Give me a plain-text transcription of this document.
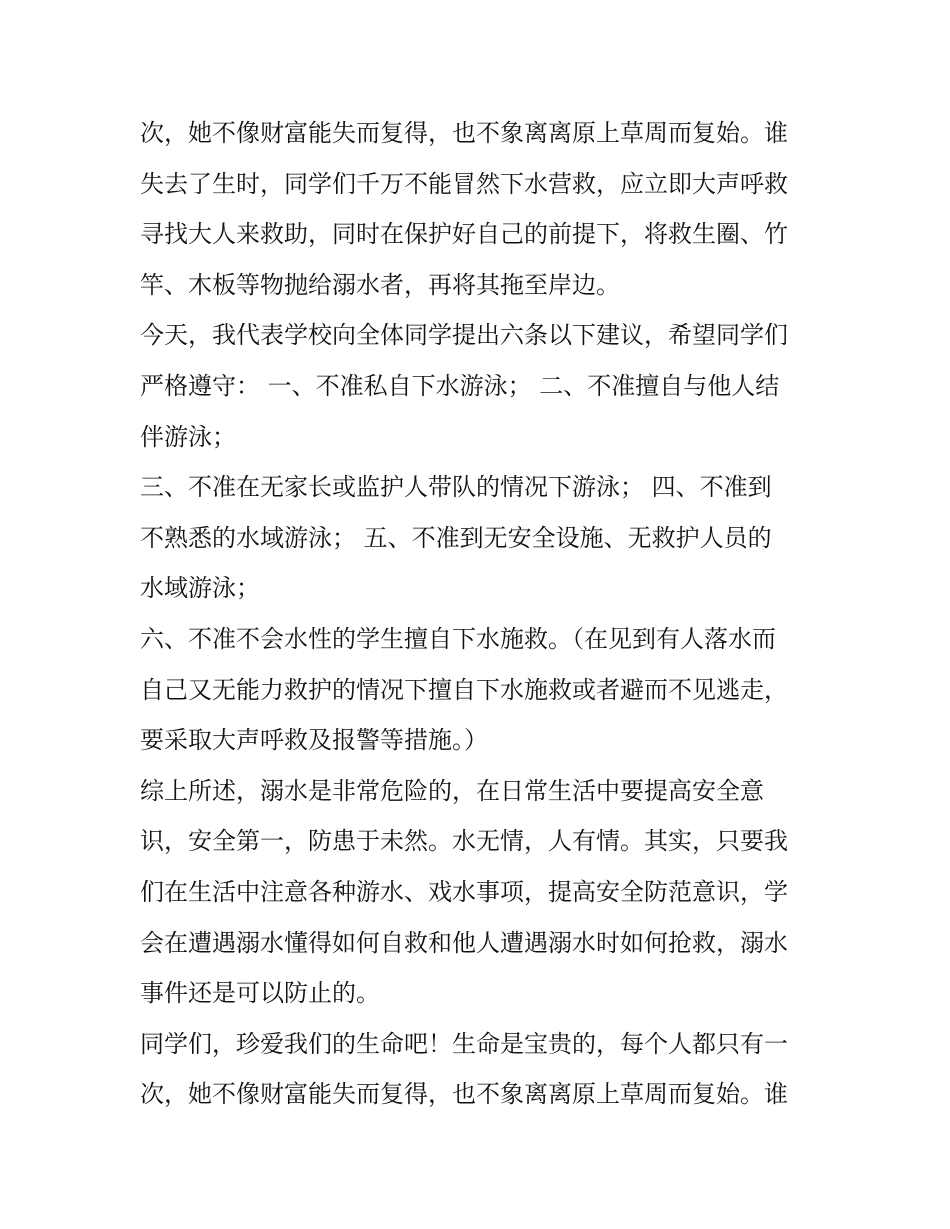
次，她不像财富能失而复得，也不象离离原上草周而复始。谁
失去了生时，同学们千万不能冒然下水营救，应立即大声呼救
寻找大人来救助，同时在保护好自己的前提下，将救生圈、竹
竿、木板等物抛给溺水者，再将其拖至岸边。
今天，我代表学校向全体同学提出六条以下建议，希望同学们
严格遵守： 一、不准私自下水游泳； 二、不准擅自与他人结
伴游泳；
三、不准在无家长或监护人带队的情况下游泳； 四、不准到
不熟悉的水域游泳； 五、不准到无安全设施、无救护人员的
水域游泳；
六、不准不会水性的学生擅自下水施救。（在见到有人落水而
自己又无能力救护的情况下擅自下水施救或者避而不见逃走，
要采取大声呼救及报警等措施。）
综上所述，溺水是非常危险的，在日常生活中要提高安全意
识，安全第一，防患于未然。水无情，人有情。其实，只要我
们在生活中注意各种游水、戏水事项，提高安全防范意识，学
会在遭遇溺水懂得如何自救和他人遭遇溺水时如何抢救，溺水
事件还是可以防止的。
同学们，珍爱我们的生命吧！生命是宝贵的，每个人都只有一
次，她不像财富能失而复得，也不象离离原上草周而复始。谁
